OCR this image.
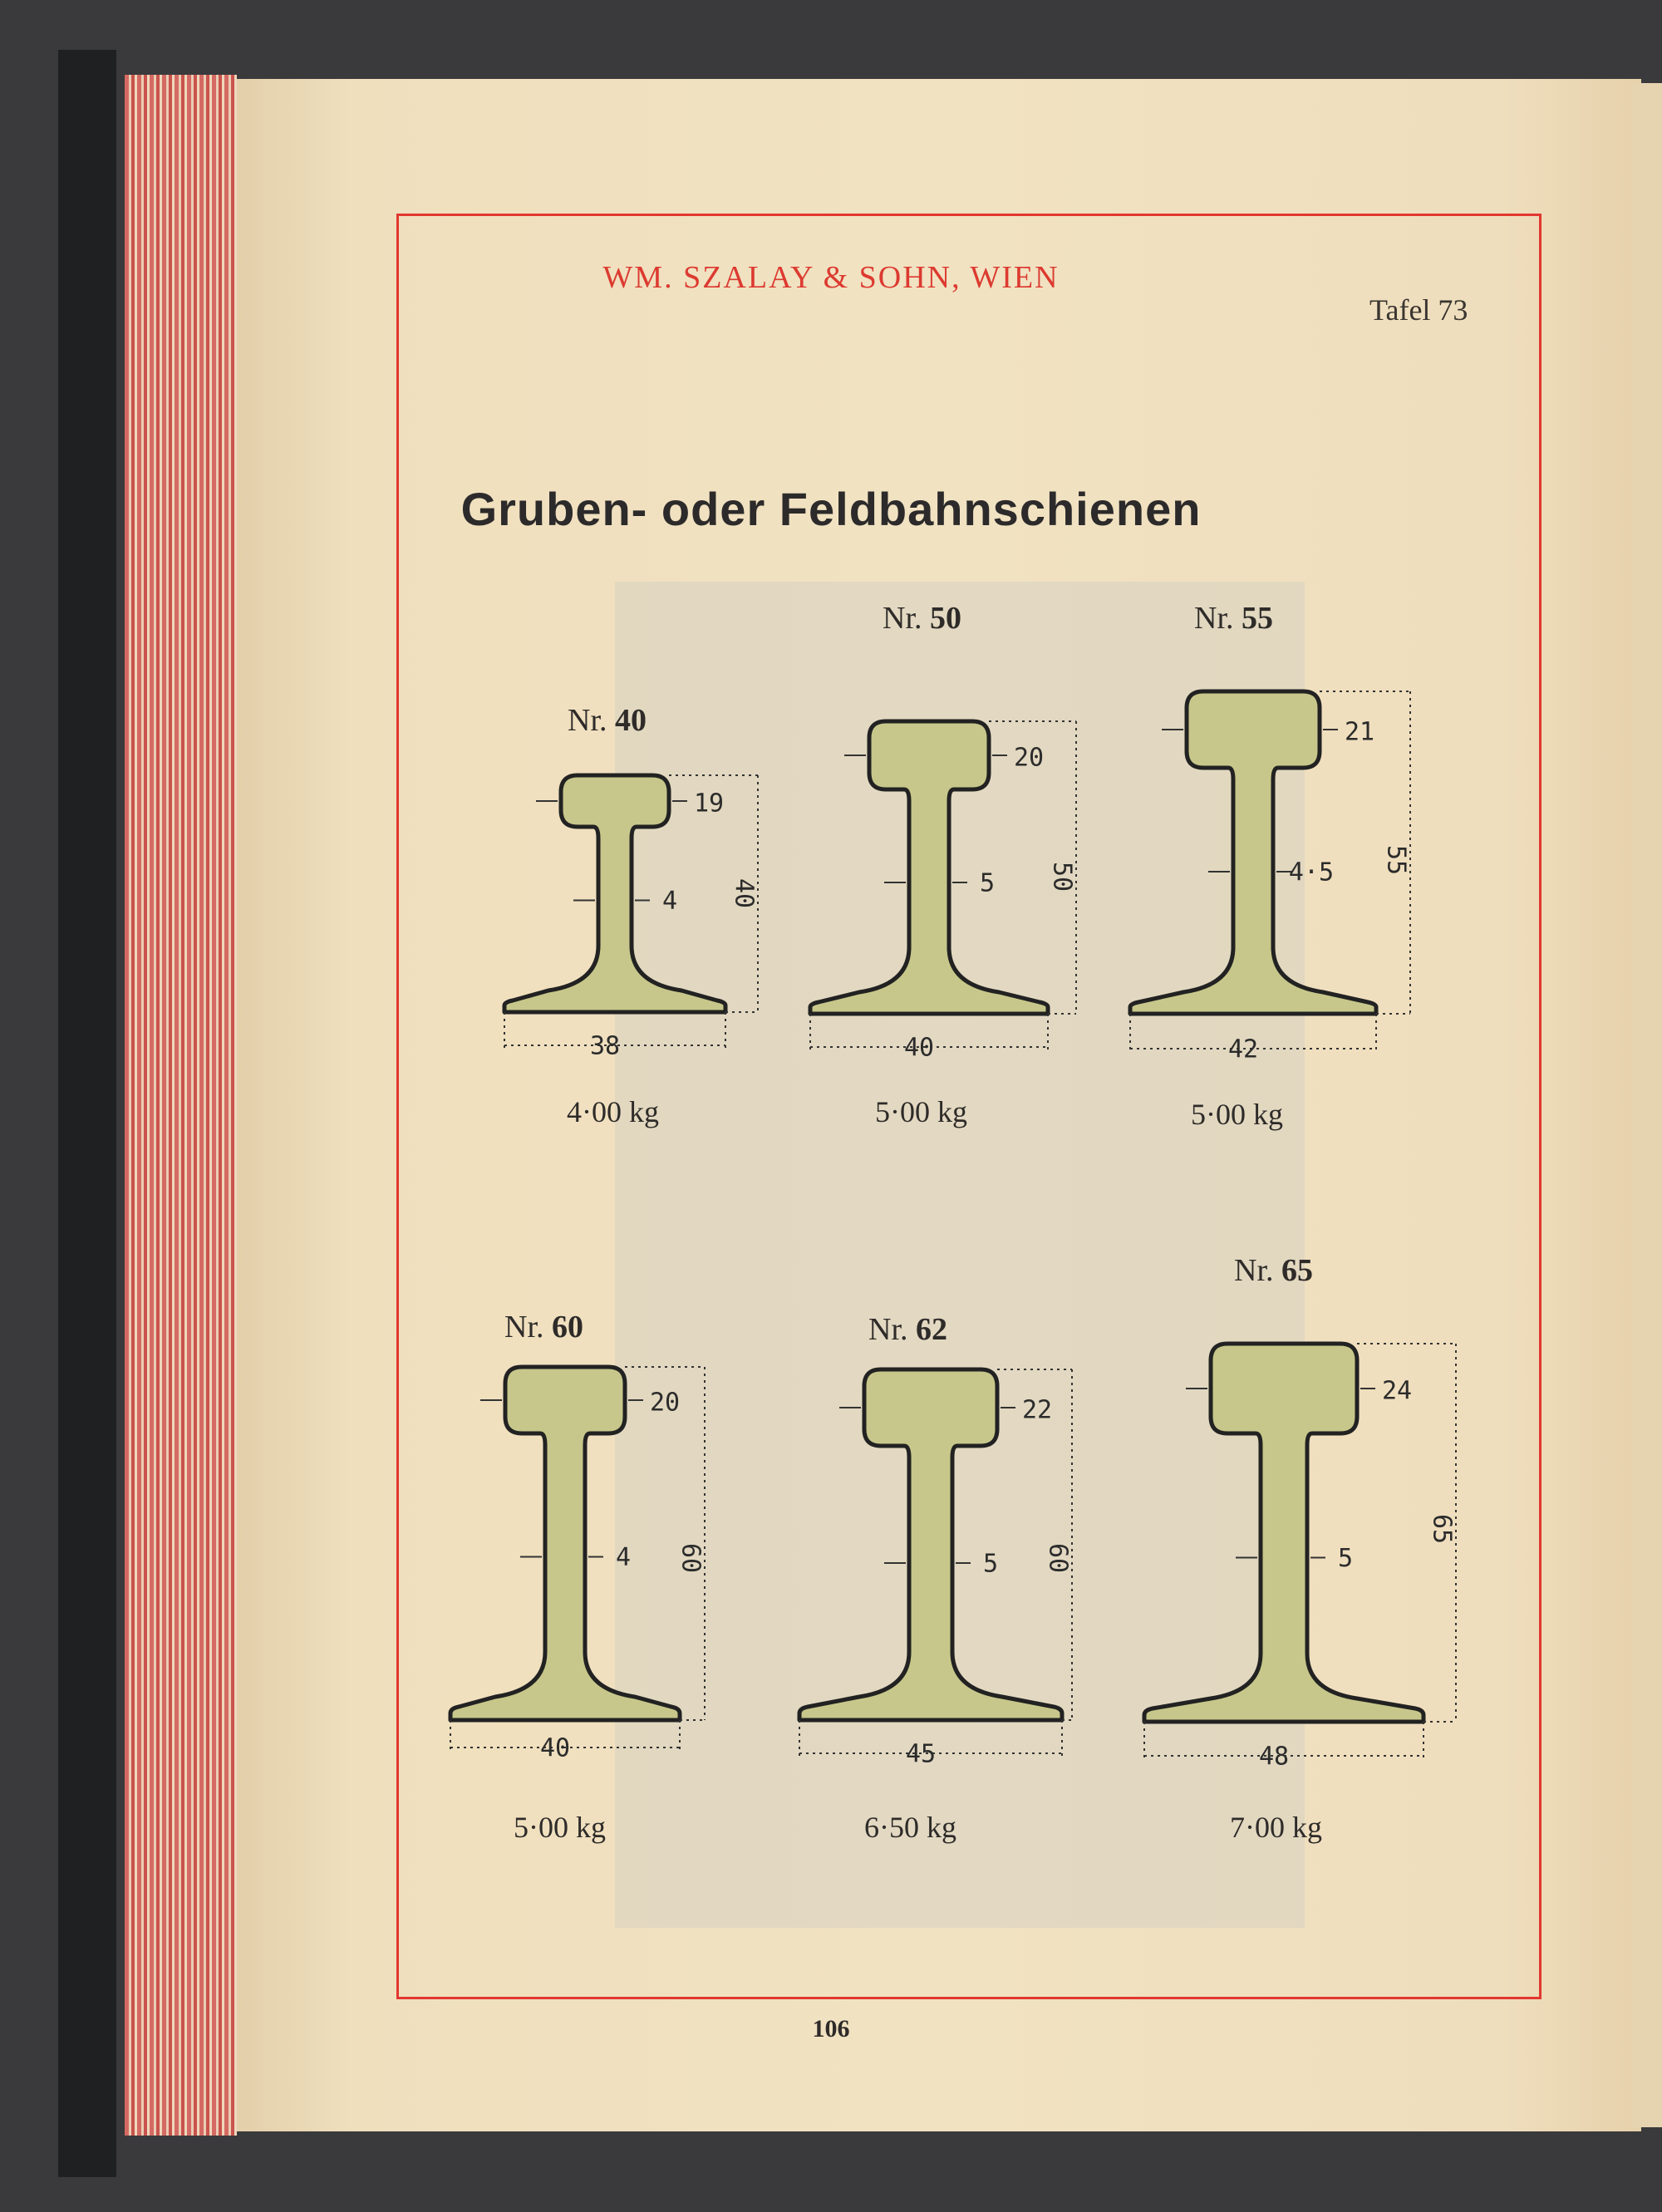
WM. SZALAY & SOHN, WIEN
Tafel 73
Gruben- oder Feldbahnschienen
Nr. 40
Nr. 50	Nr. 55
Nr. 60	Nr. 62
Nr. 65
4·00 kg	5·00 kg	5·00 kg
5·00 kg	6·50 kg	7·00 kg
106
40
38
19
4
50
40
20
5
55
42
21
4·5
60
40
20
4	60
45
22
5
65
48
24
5
